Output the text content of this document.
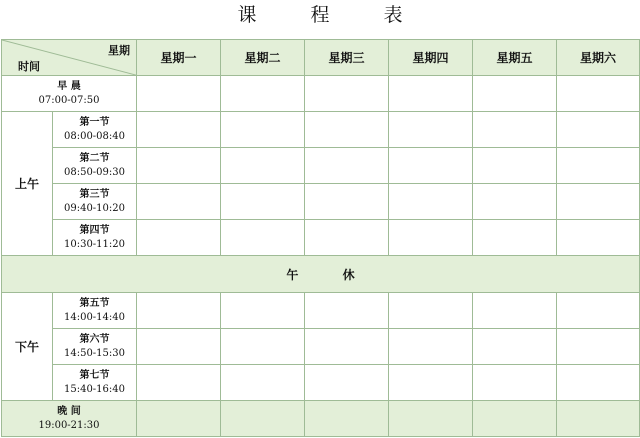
课 程 表
星期
时间		星期一	星期二	星期三	星期四	星期五	星期六

早 晨
07:00-07:50							

上午	第一节
08:00-08:40						

	第二节
08:50-09:30						

	第三节
09:40-10:20						

	第四节
10:30-11:20						

午 休							
下午	第五节
14:00-14:40						

	第六节
14:50-15:30						

	第七节
15:40-16:40						

晚 间
19:00-21:30							
